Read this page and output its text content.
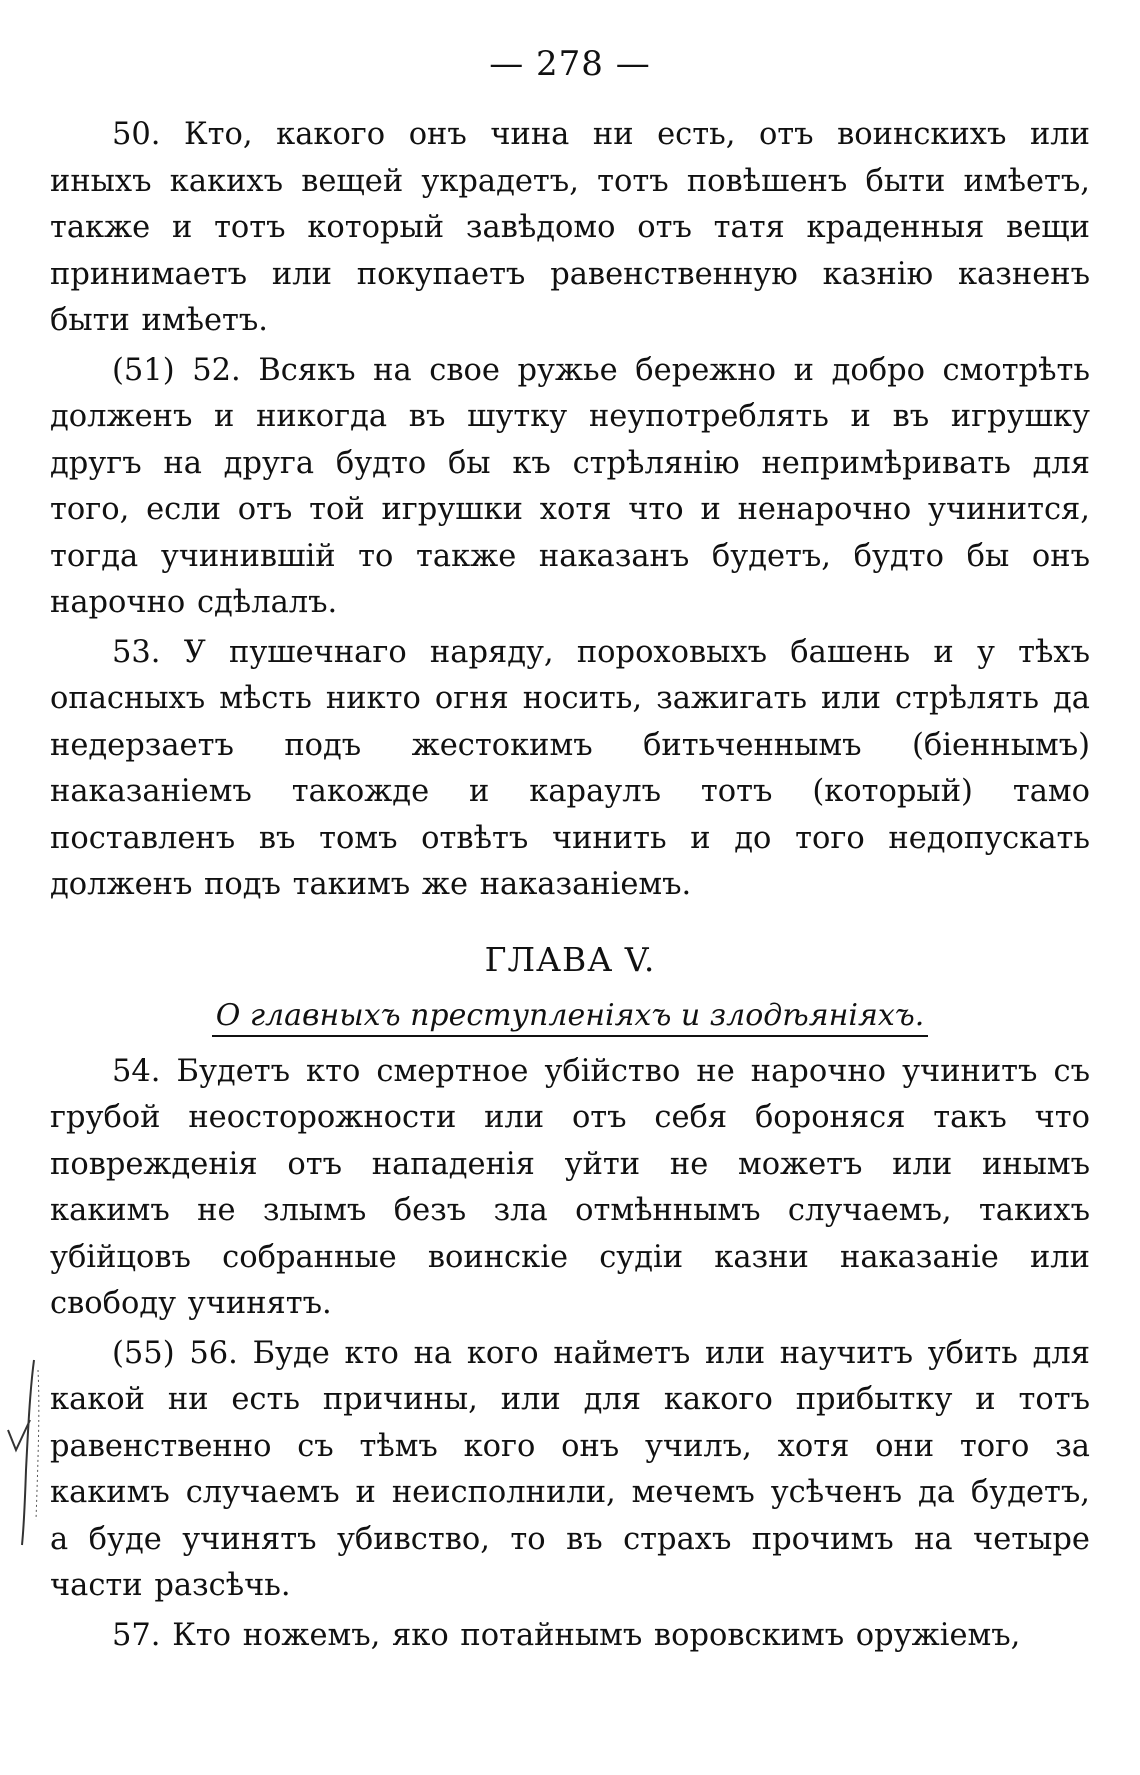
— 278 —

50. Кто, какого онъ чина ни есть, отъ воинскихъ или иныхъ какихъ вещей украдетъ, тотъ повѣшенъ быти имѣетъ, также и тотъ который завѣдомо отъ татя краденныя вещи принимаетъ или покупаетъ равенственную казнію казненъ быти имѣетъ.

(51) 52. Всякъ на свое ружье бережно и добро смотрѣть долженъ и никогда въ шутку неупотреблять и въ игрушку другъ на друга будто бы къ стрѣлянію непримѣривать для того, если отъ той игрушки хотя что и ненарочно учинится, тогда учинившій то также наказанъ будетъ, будто бы онъ нарочно сдѣлалъ.

53. У пушечнаго наряду, пороховыхъ башень и у тѣхъ опасныхъ мѣсть никто огня носить, зажигать или стрѣлять да недерзаетъ подъ жестокимъ битьченнымъ (біеннымъ) наказаніемъ такожде и караулъ тотъ (который) тамо поставленъ въ томъ отвѣтъ чинить и до того недопускать долженъ подъ такимъ же наказаніемъ.

ГЛАВА V.
О главныхъ преступленіяхъ и злодѣяніяхъ.

54. Будетъ кто смертное убійство не нарочно учинитъ съ грубой неосторожности или отъ себя бороняся такъ что поврежденія отъ нападенія уйти не можетъ или инымъ какимъ не злымъ безъ зла отмѣннымъ случаемъ, такихъ убійцовъ собранные воинскіе судіи казни наказаніе или свободу учинятъ.

(55) 56. Буде кто на кого найметъ или научитъ убить для какой ни есть причины, или для какого прибытку и тотъ равенственно съ тѣмъ кого онъ училъ, хотя они того за какимъ случаемъ и неисполнили, мечемъ усѣченъ да будетъ, а буде учинятъ убивство, то въ страхъ прочимъ на четыре части разсѣчь.

57. Кто ножемъ, яко потайнымъ воровскимъ оружіемъ,
